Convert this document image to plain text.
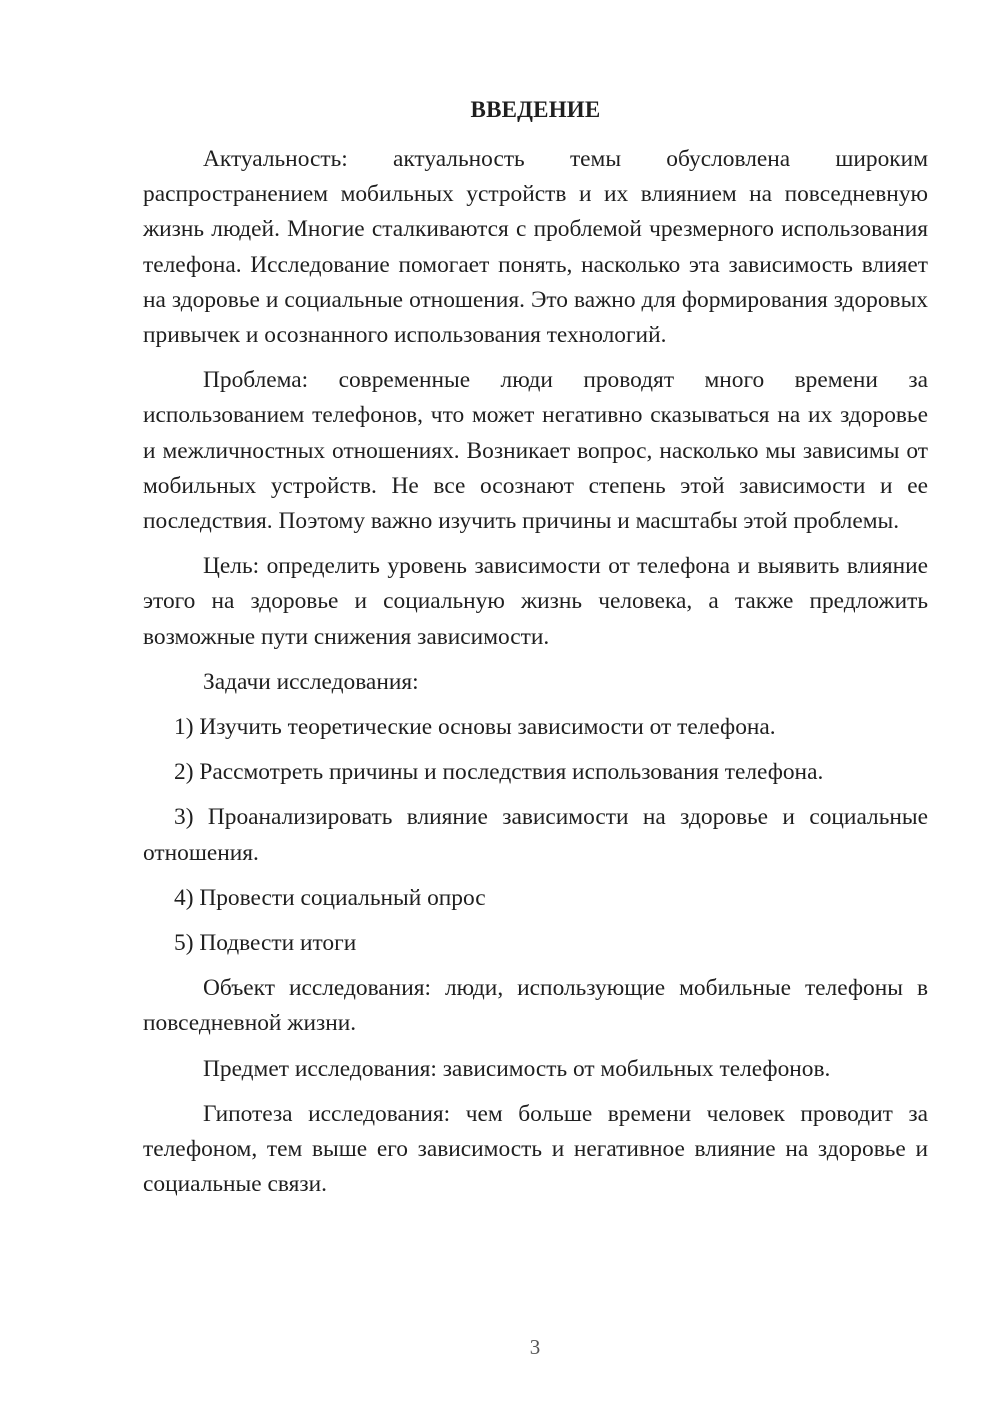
ВВЕДЕНИЕ

Актуальность: актуальность темы обусловлена широким распространением мобильных устройств и их влиянием на повседневную жизнь людей. Многие сталкиваются с проблемой чрезмерного использования телефона. Исследование помогает понять, насколько эта зависимость влияет на здоровье и социальные отношения. Это важно для формирования здоровых привычек и осознанного использования технологий.

Проблема: современные люди проводят много времени за использованием телефонов, что может негативно сказываться на их здоровье и межличностных отношениях. Возникает вопрос, насколько мы зависимы от мобильных устройств. Не все осознают степень этой зависимости и ее последствия. Поэтому важно изучить причины и масштабы этой проблемы.

Цель: определить уровень зависимости от телефона и выявить влияние этого на здоровье и социальную жизнь человека, а также предложить возможные пути снижения зависимости.

Задачи исследования:

1) Изучить теоретические основы зависимости от телефона.

2) Рассмотреть причины и последствия использования телефона.

3) Проанализировать влияние зависимости на здоровье и социальные отношения.

4) Провести социальный опрос

5) Подвести итоги

Объект исследования: люди, использующие мобильные телефоны в повседневной жизни.

Предмет исследования: зависимость от мобильных телефонов.

Гипотеза исследования: чем больше времени человек проводит за телефоном, тем выше его зависимость и негативное влияние на здоровье и социальные связи.

3
